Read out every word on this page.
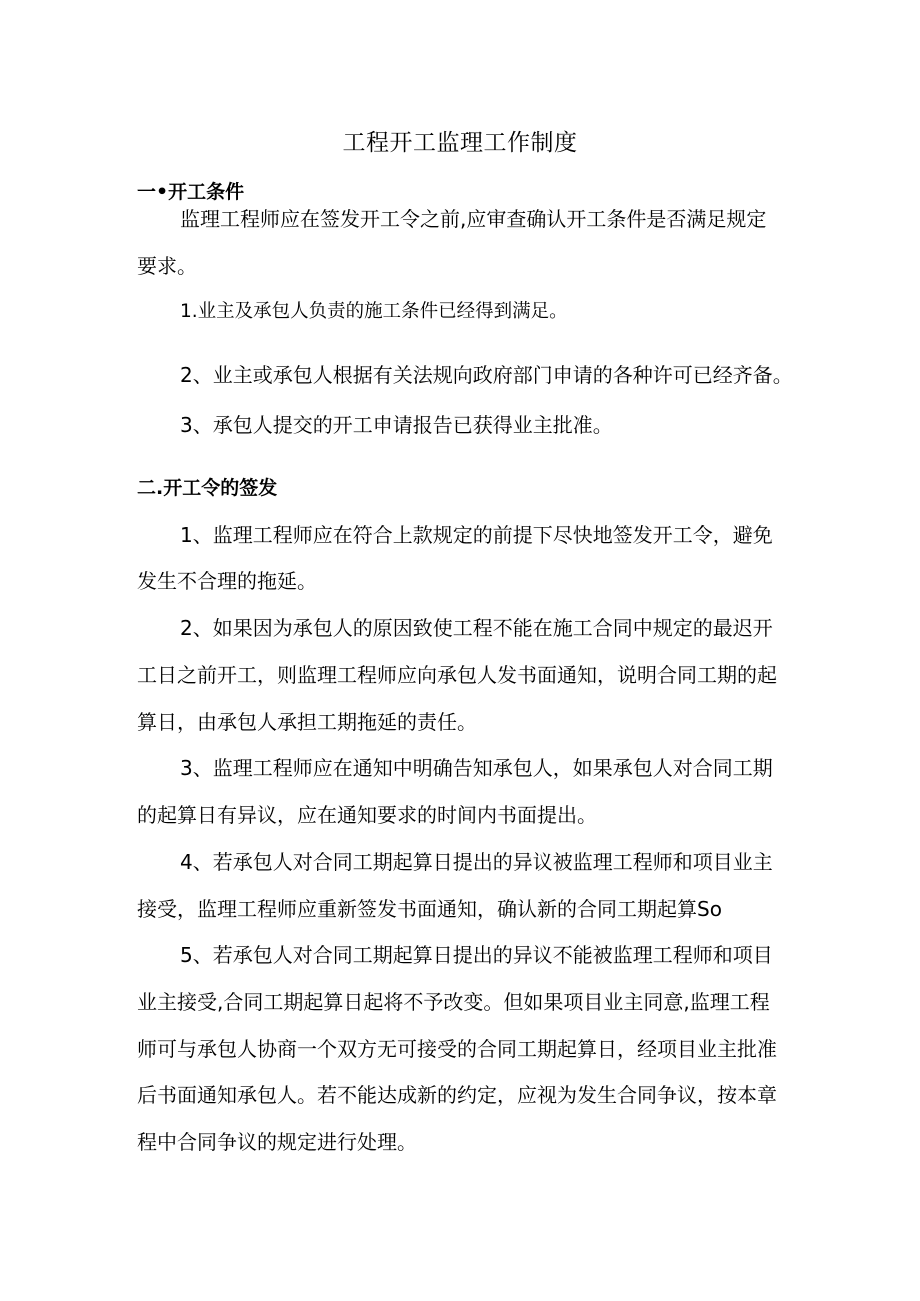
工程开工监理工作制度
一•开工条件
监理工程师应在签发开工令之前,应审查确认开工条件是否满足规定
要求。
1.业主及承包人负责的施工条件已经得到满足。
2、业主或承包人根据有关法规向政府部门申请的各种许可已经齐备。
3、承包人提交的开工申请报告已获得业主批准。
二.开工令的签发
1、监理工程师应在符合上款规定的前提下尽快地签发开工令，避免
发生不合理的拖延。
2、如果因为承包人的原因致使工程不能在施工合同中规定的最迟开
工日之前开工，则监理工程师应向承包人发书面通知，说明合同工期的起
算日，由承包人承担工期拖延的责任。
3、监理工程师应在通知中明确告知承包人，如果承包人对合同工期
的起算日有异议，应在通知要求的时间内书面提出。
4、若承包人对合同工期起算日提出的异议被监理工程师和项目业主
接受，监理工程师应重新签发书面通知，确认新的合同工期起算So
5、若承包人对合同工期起算日提出的异议不能被监理工程师和项目
业主接受,合同工期起算日起将不予改变。但如果项目业主同意,监理工程
师可与承包人协商一个双方无可接受的合同工期起算日，经项目业主批准
后书面通知承包人。若不能达成新的约定，应视为发生合同争议，按本章
程中合同争议的规定进行处理。
